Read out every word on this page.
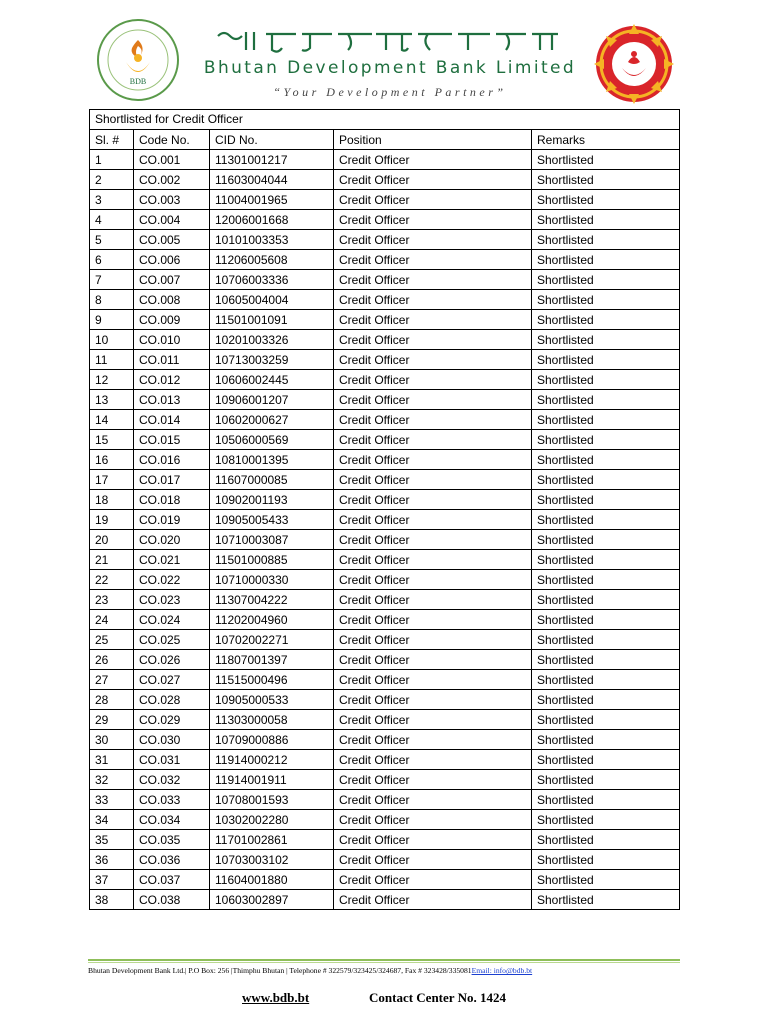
BDB
Bhutan Development Bank Limited
“Your Development Partner”
Shortlisted for Credit Officer
Sl. #	Code No.	CID No.	Position	Remarks
1	CO.001	11301001217	Credit Officer	Shortlisted
2	CO.002	11603004044	Credit Officer	Shortlisted
3	CO.003	11004001965	Credit Officer	Shortlisted
4	CO.004	12006001668	Credit Officer	Shortlisted
5	CO.005	10101003353	Credit Officer	Shortlisted
6	CO.006	11206005608	Credit Officer	Shortlisted
7	CO.007	10706003336	Credit Officer	Shortlisted
8	CO.008	10605004004	Credit Officer	Shortlisted
9	CO.009	11501001091	Credit Officer	Shortlisted
10	CO.010	10201003326	Credit Officer	Shortlisted
11	CO.011	10713003259	Credit Officer	Shortlisted
12	CO.012	10606002445	Credit Officer	Shortlisted
13	CO.013	10906001207	Credit Officer	Shortlisted
14	CO.014	10602000627	Credit Officer	Shortlisted
15	CO.015	10506000569	Credit Officer	Shortlisted
16	CO.016	10810001395	Credit Officer	Shortlisted
17	CO.017	11607000085	Credit Officer	Shortlisted
18	CO.018	10902001193	Credit Officer	Shortlisted
19	CO.019	10905005433	Credit Officer	Shortlisted
20	CO.020	10710003087	Credit Officer	Shortlisted
21	CO.021	11501000885	Credit Officer	Shortlisted
22	CO.022	10710000330	Credit Officer	Shortlisted
23	CO.023	11307004222	Credit Officer	Shortlisted
24	CO.024	11202004960	Credit Officer	Shortlisted
25	CO.025	10702002271	Credit Officer	Shortlisted
26	CO.026	11807001397	Credit Officer	Shortlisted
27	CO.027	11515000496	Credit Officer	Shortlisted
28	CO.028	10905000533	Credit Officer	Shortlisted
29	CO.029	11303000058	Credit Officer	Shortlisted
30	CO.030	10709000886	Credit Officer	Shortlisted
31	CO.031	11914000212	Credit Officer	Shortlisted
32	CO.032	11914001911	Credit Officer	Shortlisted
33	CO.033	10708001593	Credit Officer	Shortlisted
34	CO.034	10302002280	Credit Officer	Shortlisted
35	CO.035	11701002861	Credit Officer	Shortlisted
36	CO.036	10703003102	Credit Officer	Shortlisted
37	CO.037	11604001880	Credit Officer	Shortlisted
38	CO.038	10603002897	Credit Officer	Shortlisted
Bhutan Development Bank Ltd.| P.O Box: 256 |Thimphu Bhutan | Telephone # 322579/323425/324687, Fax # 323428/335081Email: info@bdb.bt
www.bdb.bt	Contact Center No. 1424
